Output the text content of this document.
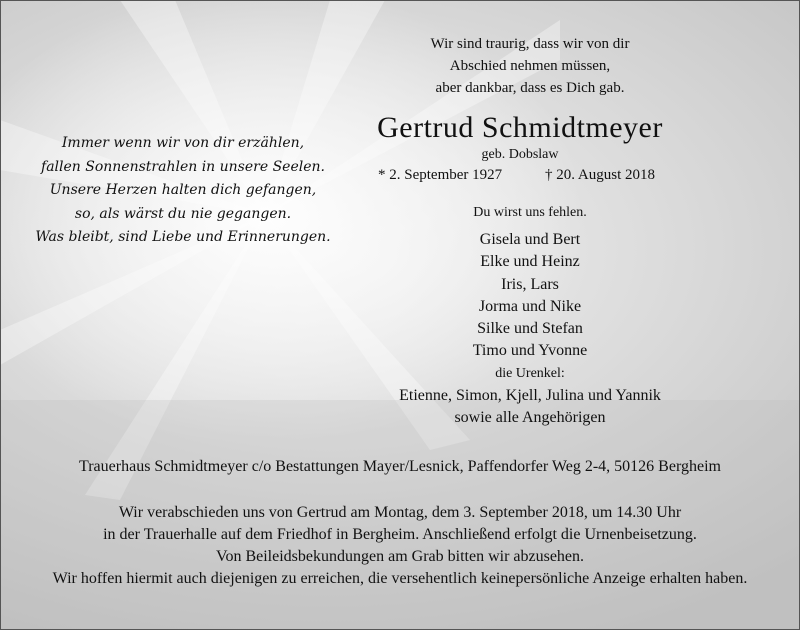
Wir sind traurig, dass wir von dir
Abschied nehmen müssen,
aber dankbar, dass es Dich gab.
Gertrud Schmidtmeyer
geb. Dobslaw
* 2. September 1927	† 20. August 2018
Immer wenn wir von dir erzählen,
fallen Sonnenstrahlen in unsere Seelen.
Unsere Herzen halten dich gefangen,
so, als wärst du nie gegangen.
Was bleibt, sind Liebe und Erinnerungen.
Du wirst uns fehlen.
Gisela und Bert
Elke und Heinz
Iris, Lars
Jorma und Nike
Silke und Stefan
Timo und Yvonne
die Urenkel:
Etienne, Simon, Kjell, Julina und Yannik
sowie alle Angehörigen
Trauerhaus Schmidtmeyer c/o Bestattungen Mayer/Lesnick, Paffendorfer Weg 2-4, 50126 Bergheim
Wir verabschieden uns von Gertrud am Montag, dem 3. September 2018, um 14.30 Uhr
in der Trauerhalle auf dem Friedhof in Bergheim. Anschließend erfolgt die Urnenbeisetzung.
Von Beileidsbekundungen am Grab bitten wir abzusehen.
Wir hoffen hiermit auch diejenigen zu erreichen, die versehentlich keinepersönliche Anzeige erhalten haben.
